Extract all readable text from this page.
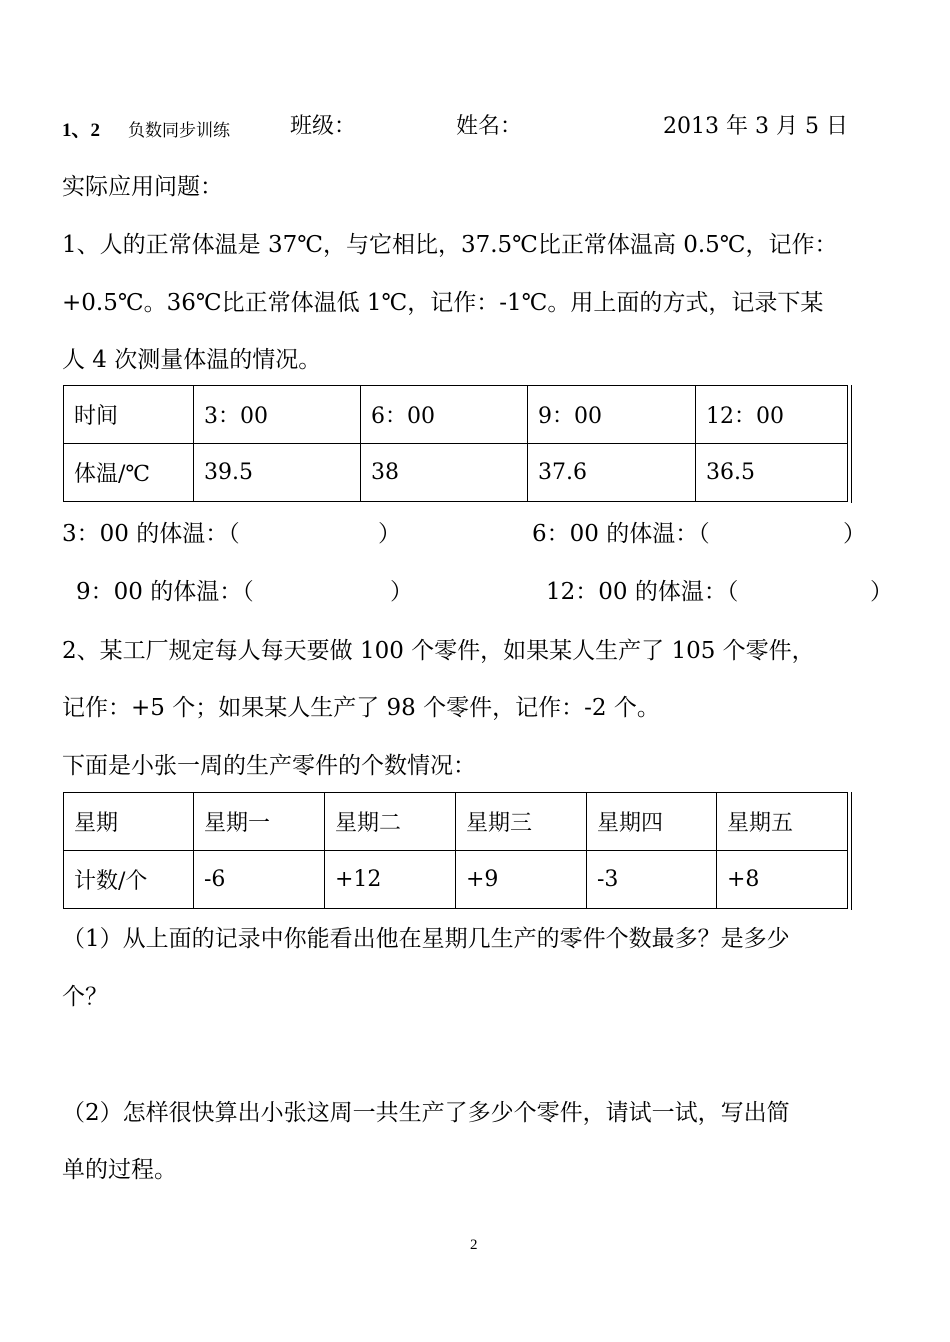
1、2 负数同步训练	班级：	姓名：	2013 年 3 月 5 日
实际应用问题：
1、人的正常体温是 37℃，与它相比，37.5℃比正常体温高 0.5℃，记作：
+0.5℃。36℃比正常体温低 1℃，记作：-1℃。用上面的方式，记录下某
人 4 次测量体温的情况。
时间	3：00	6：00	9：00	12：00
体温/℃	39.5	38	37.6	36.5
3：00 的体温：（	）	6：00 的体温：（	）
9：00 的体温：（	）	12：00 的体温：（	）
2、某工厂规定每人每天要做 100 个零件，如果某人生产了 105 个零件，
记作：+5 个；如果某人生产了 98 个零件，记作：-2 个。
下面是小张一周的生产零件的个数情况：
星期	星期一	星期二	星期三	星期四	星期五
计数/个	-6	+12	+9	-3	+8
（1）从上面的记录中你能看出他在星期几生产的零件个数最多？是多少
个？
（2）怎样很快算出小张这周一共生产了多少个零件，请试一试，写出简
单的过程。
2
